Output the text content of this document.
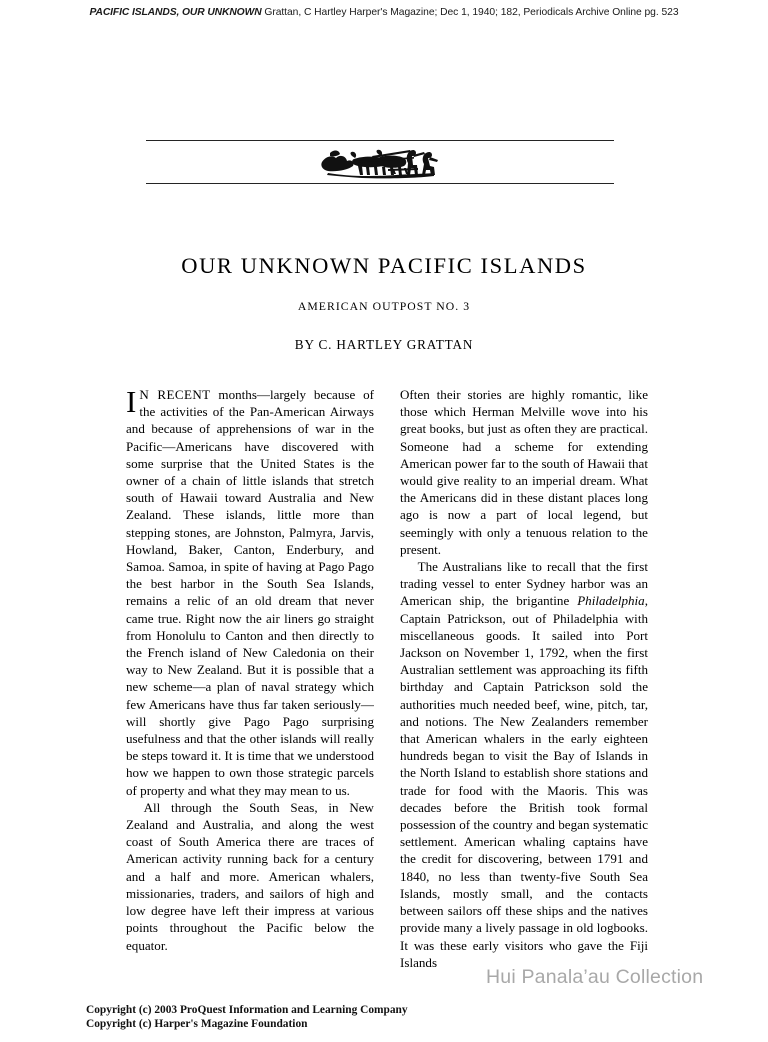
PACIFIC ISLANDS, OUR UNKNOWN Grattan, C Hartley Harper's Magazine; Dec 1, 1940; 182, Periodicals Archive Online pg. 523
OUR UNKNOWN PACIFIC ISLANDS
AMERICAN OUTPOST NO. 3
BY C. HARTLEY GRATTAN

I N RECENT months—largely because of the activities of the Pan-American Airways and because of apprehensions of war in the Pacific—Americans have discovered with some surprise that the United States is the owner of a chain of little islands that stretch south of Hawaii toward Australia and New Zealand. These islands, little more than stepping stones, are Johnston, Palmyra, Jarvis, Howland, Baker, Canton, Enderbury, and Samoa. Samoa, in spite of having at Pago Pago the best harbor in the South Sea Islands, remains a relic of an old dream that never came true. Right now the air liners go straight from Honolulu to Canton and then directly to the French island of New Caledonia on their way to New Zealand. But it is possible that a new scheme—a plan of naval strategy which few Americans have thus far taken seriously—will shortly give Pago Pago surprising usefulness and that the other islands will really be steps toward it. It is time that we understood how we happen to own those strategic parcels of property and what they may mean to us.

All through the South Seas, in New Zealand and Australia, and along the west coast of South America there are traces of American activity running back for a century and a half and more. American whalers, missionaries, traders, and sailors of high and low degree have left their impress at various points throughout the Pacific below the equator.

Often their stories are highly romantic, like those which Herman Melville wove into his great books, but just as often they are practical. Someone had a scheme for extending American power far to the south of Hawaii that would give reality to an imperial dream. What the Americans did in these distant places long ago is now a part of local legend, but seemingly with only a tenuous relation to the present.

The Australians like to recall that the first trading vessel to enter Sydney harbor was an American ship, the brigantine Philadelphia, Captain Patrickson, out of Philadelphia with miscellaneous goods. It sailed into Port Jackson on November 1, 1792, when the first Australian settlement was approaching its fifth birthday and Captain Patrickson sold the authorities much needed beef, wine, pitch, tar, and notions. The New Zealanders remember that American whalers in the early eighteen hundreds began to visit the Bay of Islands in the North Island to establish shore stations and trade for food with the Maoris. This was decades before the British took formal possession of the country and began systematic settlement. American whaling captains have the credit for discovering, between 1791 and 1840, no less than twenty-five South Sea Islands, mostly small, and the contacts between sailors off these ships and the natives provide many a lively passage in old logbooks. It was these early visitors who gave the Fiji Islands

Hui Panala’au Collection
Copyright (c) 2003 ProQuest Information and Learning Company
Copyright (c) Harper's Magazine Foundation
